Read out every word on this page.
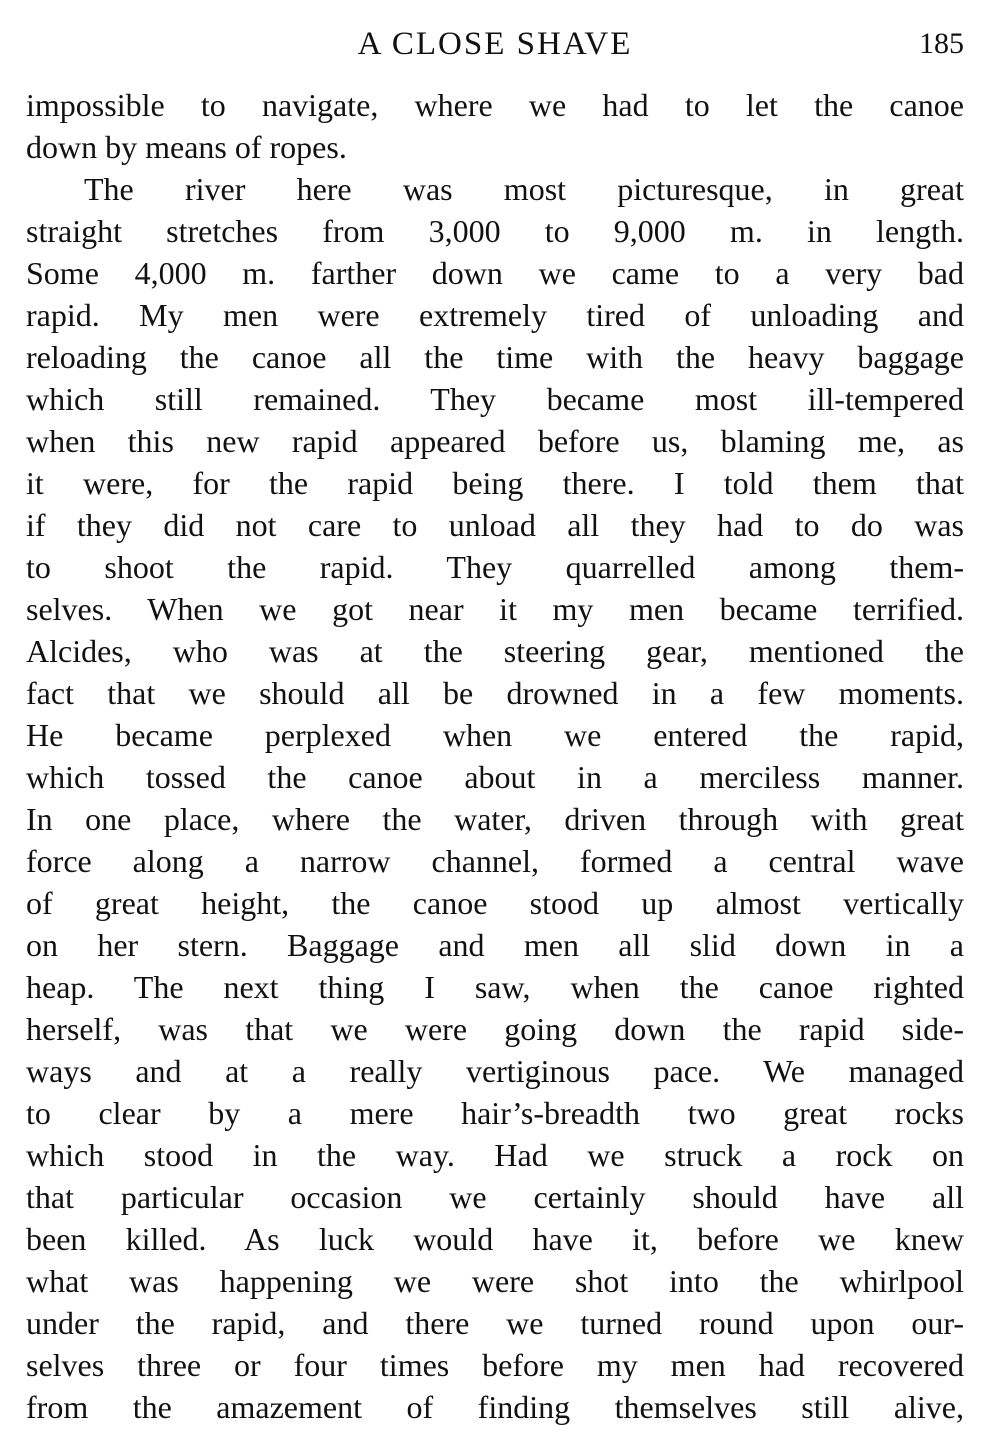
A CLOSE SHAVE	185
impossible to navigate, where we had to let the canoe
down by means of ropes.
The river here was most picturesque, in great
straight stretches from 3,000 to 9,000 m. in length.
Some 4,000 m. farther down we came to a very bad
rapid. My men were extremely tired of unloading and
reloading the canoe all the time with the heavy baggage
which still remained. They became most ill-tempered
when this new rapid appeared before us, blaming me, as
it were, for the rapid being there. I told them that
if they did not care to unload all they had to do was
to shoot the rapid. They quarrelled among them-
selves. When we got near it my men became terrified.
Alcides, who was at the steering gear, mentioned the
fact that we should all be drowned in a few moments.
He became perplexed when we entered the rapid,
which tossed the canoe about in a merciless manner.
In one place, where the water, driven through with great
force along a narrow channel, formed a central wave
of great height, the canoe stood up almost vertically
on her stern. Baggage and men all slid down in a
heap. The next thing I saw, when the canoe righted
herself, was that we were going down the rapid side-
ways and at a really vertiginous pace. We managed
to clear by a mere hair’s-breadth two great rocks
which stood in the way. Had we struck a rock on
that particular occasion we certainly should have all
been killed. As luck would have it, before we knew
what was happening we were shot into the whirlpool
under the rapid, and there we turned round upon our-
selves three or four times before my men had recovered
from the amazement of finding themselves still alive,
